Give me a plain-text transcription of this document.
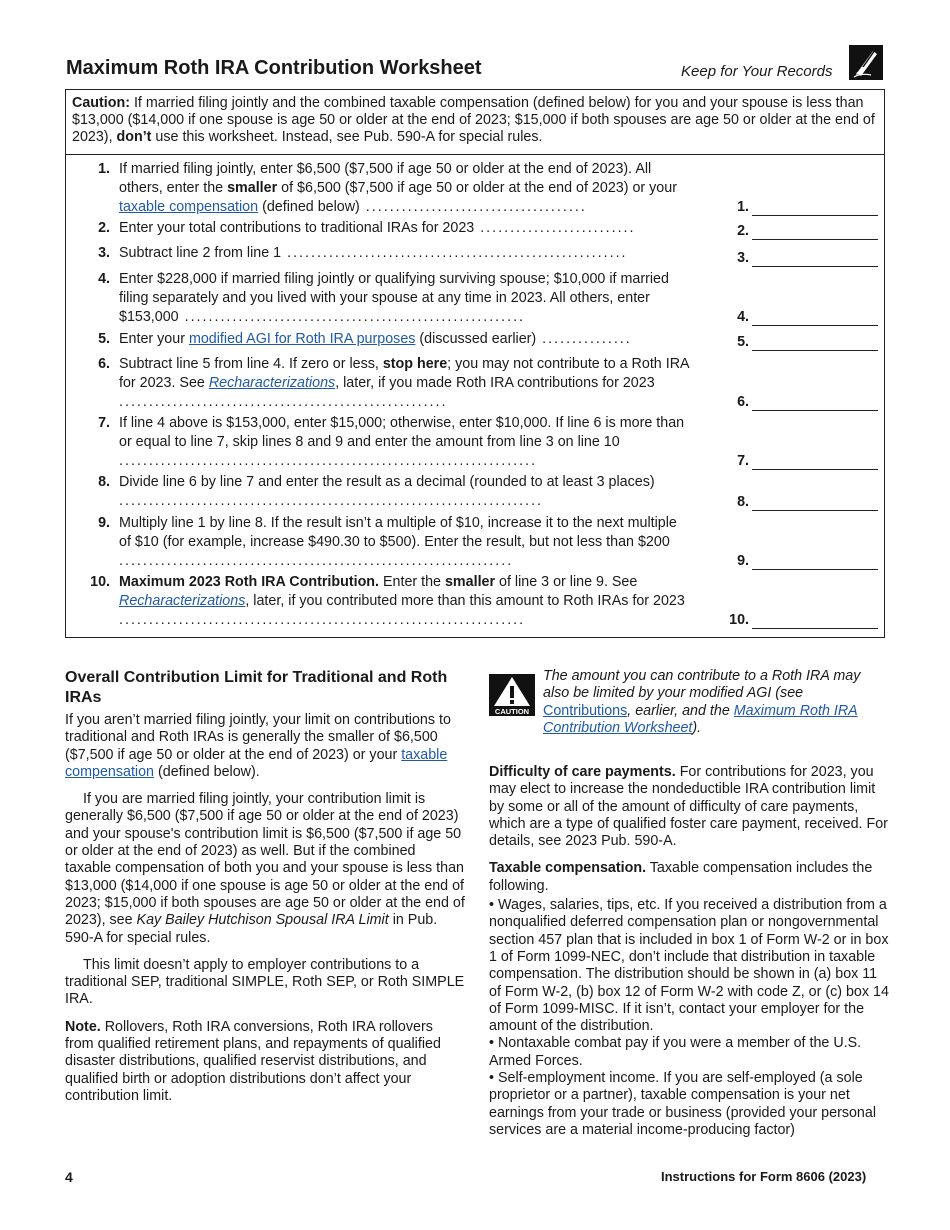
Maximum Roth IRA Contribution Worksheet	Keep for Your Records
Caution: If married filing jointly and the combined taxable compensation (defined below) for you and your spouse is less than $13,000 ($14,000 if one spouse is age 50 or older at the end of 2023; $15,000 if both spouses are age 50 or older at the end of 2023), don’t use this worksheet. Instead, see Pub. 590-A for special rules.
1. If married filing jointly, enter $6,500 ($7,500 if age 50 or older at the end of 2023). All others, enter the smaller of $6,500 ($7,500 if age 50 or older at the end of 2023) or your taxable compensation (defined below) .....................................	1.
2. Enter your total contributions to traditional IRAs for 2023 ..........................	2.
3. Subtract line 2 from line 1 .........................................................	3.
4. Enter $228,000 if married filing jointly or qualifying surviving spouse; $10,000 if married filing separately and you lived with your spouse at any time in 2023. All others, enter $153,000 .........................................................	4.
5. Enter your modified AGI for Roth IRA purposes (discussed earlier) ...............	5.
6. Subtract line 5 from line 4. If zero or less, stop here; you may not contribute to a Roth IRA for 2023. See Recharacterizations, later, if you made Roth IRA contributions for 2023 .......................................................	6.
7. If line 4 above is $153,000, enter $15,000; otherwise, enter $10,000. If line 6 is more than or equal to line 7, skip lines 8 and 9 and enter the amount from line 3 on line 10 ......................................................................	7.
8. Divide line 6 by line 7 and enter the result as a decimal (rounded to at least 3 places) .......................................................................	8.
9. Multiply line 1 by line 8. If the result isn’t a multiple of $10, increase it to the next multiple of $10 (for example, increase $490.30 to $500). Enter the result, but not less than $200 ..................................................................	9.
10. Maximum 2023 Roth IRA Contribution. Enter the smaller of line 3 or line 9. See Recharacterizations, later, if you contributed more than this amount to Roth IRAs for 2023 ....................................................................	10.
Overall Contribution Limit for Traditional and Roth IRAs

If you aren’t married filing jointly, your limit on contributions to traditional and Roth IRAs is generally the smaller of $6,500 ($7,500 if age 50 or older at the end of 2023) or your taxable compensation (defined below).

If you are married filing jointly, your contribution limit is generally $6,500 ($7,500 if age 50 or older at the end of 2023) and your spouse's contribution limit is $6,500 ($7,500 if age 50 or older at the end of 2023) as well. But if the combined taxable compensation of both you and your spouse is less than $13,000 ($14,000 if one spouse is age 50 or older at the end of 2023; $15,000 if both spouses are age 50 or older at the end of 2023), see Kay Bailey Hutchison Spousal IRA Limit in Pub. 590-A for special rules.

This limit doesn’t apply to employer contributions to a traditional SEP, traditional SIMPLE, Roth SEP, or Roth SIMPLE IRA.

Note. Rollovers, Roth IRA conversions, Roth IRA rollovers from qualified retirement plans, and repayments of qualified disaster distributions, qualified reservist distributions, and qualified birth or adoption distributions don’t affect your contribution limit.

CAUTION
The amount you can contribute to a Roth IRA may also be limited by your modified AGI (see Contributions, earlier, and the Maximum Roth IRA Contribution Worksheet).

Difficulty of care payments. For contributions for 2023, you may elect to increase the nondeductible IRA contribution limit by some or all of the amount of difficulty of care payments, which are a type of qualified foster care payment, received. For details, see 2023 Pub. 590-A.

Taxable compensation. Taxable compensation includes the following.

• Wages, salaries, tips, etc. If you received a distribution from a nonqualified deferred compensation plan or nongovernmental section 457 plan that is included in box 1 of Form W-2 or in box 1 of Form 1099-NEC, don’t include that distribution in taxable compensation. The distribution should be shown in (a) box 11 of Form W-2, (b) box 12 of Form W-2 with code Z, or (c) box 14 of Form 1099-MISC. If it isn’t, contact your employer for the amount of the distribution.
• Nontaxable combat pay if you were a member of the U.S. Armed Forces.
• Self-employment income. If you are self-employed (a sole proprietor or a partner), taxable compensation is your net earnings from your trade or business (provided your personal services are a material income-producing factor)
4	Instructions for Form 8606 (2023)
